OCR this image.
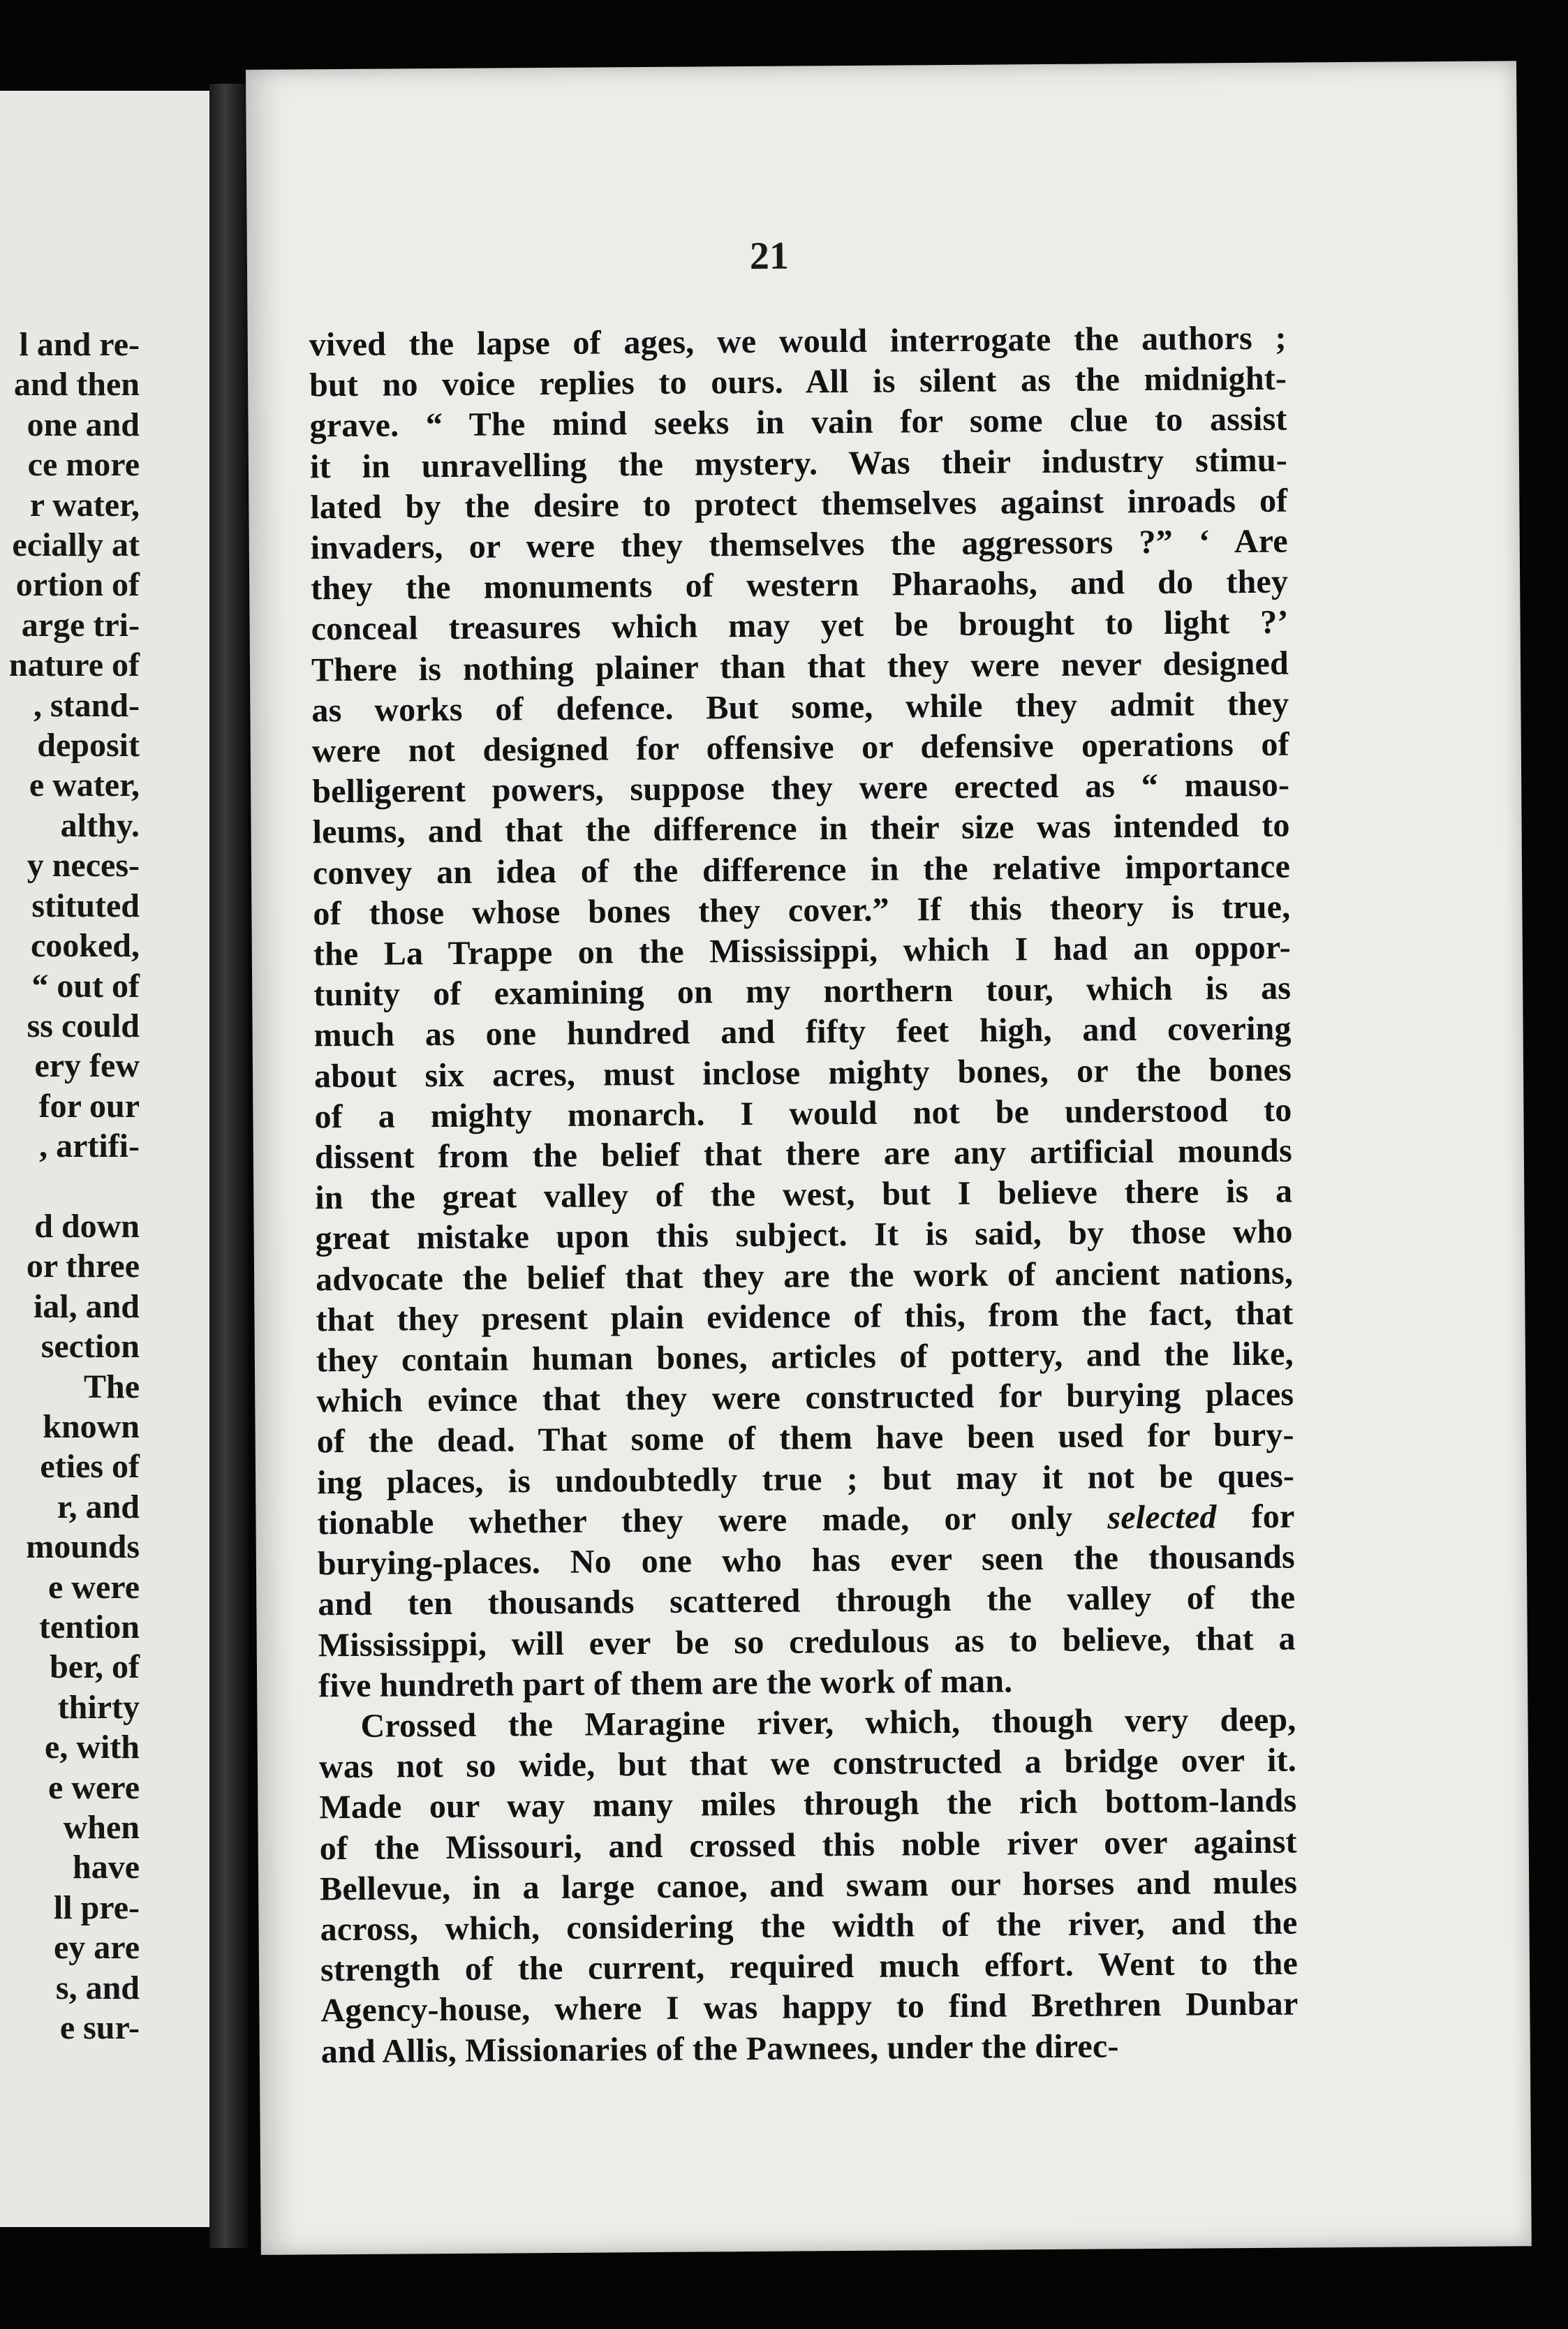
l and re-
and then
one and
ce more
r water,
ecially at
ortion of
arge tri-
nature of
, stand-
deposit
e water,
althy.
y neces-
stituted
cooked,
“ out of
ss could
ery few
for our
, artifi-

d down
or three
ial, and
section
The
known
eties of
r, and
mounds
e were
tention
ber, of
thirty
e, with
e were
when
have
ll pre-
ey are
s, and
e sur-
21
vived the lapse of ages, we would interrogate the authors ;
but no voice replies to ours. All is silent as the midnight-
grave. “ The mind seeks in vain for some clue to assist
it in unravelling the mystery. Was their industry stimu-
lated by the desire to protect themselves against inroads of
invaders, or were they themselves the aggressors ?” ‘ Are
they the monuments of western Pharaohs, and do they
conceal treasures which may yet be brought to light ?’
There is nothing plainer than that they were never designed
as works of defence. But some, while they admit they
were not designed for offensive or defensive operations of
belligerent powers, suppose they were erected as “ mauso-
leums, and that the difference in their size was intended to
convey an idea of the difference in the relative importance
of those whose bones they cover.” If this theory is true,
the La Trappe on the Mississippi, which I had an oppor-
tunity of examining on my northern tour, which is as
much as one hundred and fifty feet high, and covering
about six acres, must inclose mighty bones, or the bones
of a mighty monarch. I would not be understood to
dissent from the belief that there are any artificial mounds
in the great valley of the west, but I believe there is a
great mistake upon this subject. It is said, by those who
advocate the belief that they are the work of ancient nations,
that they present plain evidence of this, from the fact, that
they contain human bones, articles of pottery, and the like,
which evince that they were constructed for burying places
of the dead. That some of them have been used for bury-
ing places, is undoubtedly true ; but may it not be ques-
tionable whether they were made, or only selected for
burying-places. No one who has ever seen the thousands
and ten thousands scattered through the valley of the
Mississippi, will ever be so credulous as to believe, that a
five hundreth part of them are the work of man.
Crossed the Maragine river, which, though very deep,
was not so wide, but that we constructed a bridge over it.
Made our way many miles through the rich bottom-lands
of the Missouri, and crossed this noble river over against
Bellevue, in a large canoe, and swam our horses and mules
across, which, considering the width of the river, and the
strength of the current, required much effort. Went to the
Agency-house, where I was happy to find Brethren Dunbar
and Allis, Missionaries of the Pawnees, under the direc-
